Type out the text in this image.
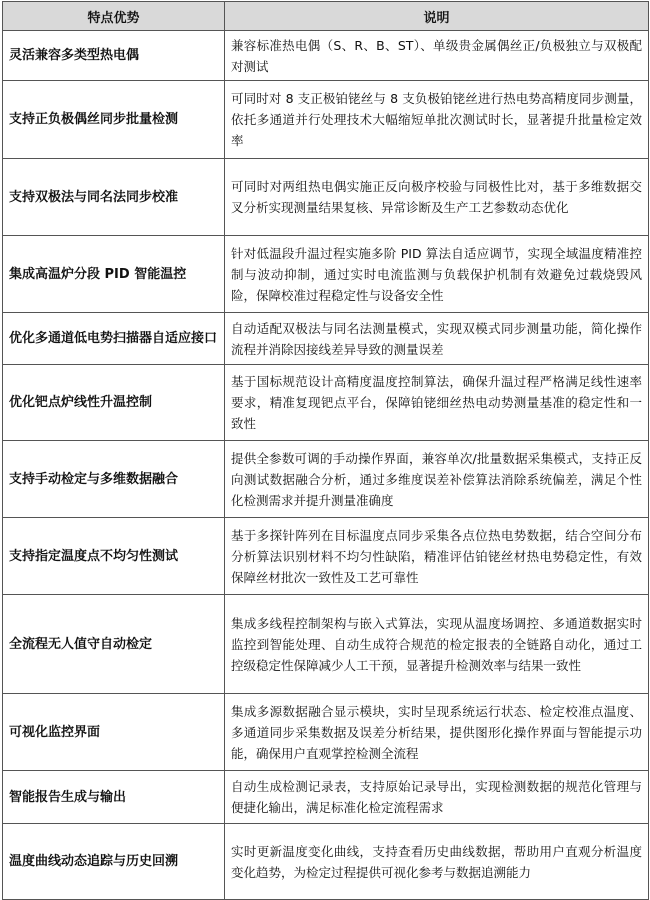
特点优势	说明
灵活兼容多类型热电偶	兼容标准热电偶（S、R、B、ST）、单级贵金属偶丝正/负极独立与双极配对测试
支持正负极偶丝同步批量检测	可同时对 8 支正极铂铑丝与 8 支负极铂铑丝进行热电势高精度同步测量，依托多通道并行处理技术大幅缩短单批次测试时长，显著提升批量检定效率
支持双极法与同名法同步校准	可同时对两组热电偶实施正反向极序校验与同极性比对，基于多维数据交叉分析实现测量结果复核、异常诊断及生产工艺参数动态优化
集成高温炉分段 PID 智能温控	针对低温段升温过程实施多阶 PID 算法自适应调节，实现全域温度精准控制与波动抑制，通过实时电流监测与负载保护机制有效避免过载烧毁风险，保障校准过程稳定性与设备安全性
优化多通道低电势扫描器自适应接口	自动适配双极法与同名法测量模式，实现双模式同步测量功能，简化操作流程并消除因接线差异导致的测量误差
优化钯点炉线性升温控制	基于国标规范设计高精度温度控制算法，确保升温过程严格满足线性速率要求，精准复现钯点平台，保障铂铑细丝热电动势测量基准的稳定性和一致性
支持手动检定与多维数据融合	提供全参数可调的手动操作界面，兼容单次/批量数据采集模式，支持正反向测试数据融合分析，通过多维度误差补偿算法消除系统偏差，满足个性化检测需求并提升测量准确度
支持指定温度点不均匀性测试	基于多探针阵列在目标温度点同步采集各点位热电势数据，结合空间分布分析算法识别材料不均匀性缺陷，精准评估铂铑丝材热电势稳定性，有效保障丝材批次一致性及工艺可靠性
全流程无人值守自动检定	集成多线程控制架构与嵌入式算法，实现从温度场调控、多通道数据实时监控到智能处理、自动生成符合规范的检定报表的全链路自动化，通过工控级稳定性保障减少人工干预，显著提升检测效率与结果一致性
可视化监控界面	集成多源数据融合显示模块，实时呈现系统运行状态、检定校准点温度、多通道同步采集数据及误差分析结果，提供图形化操作界面与智能提示功能，确保用户直观掌控检测全流程
智能报告生成与输出	自动生成检测记录表，支持原始记录导出，实现检测数据的规范化管理与便捷化输出，满足标准化检定流程需求
温度曲线动态追踪与历史回溯	实时更新温度变化曲线，支持查看历史曲线数据，帮助用户直观分析温度变化趋势，为检定过程提供可视化参考与数据追溯能力
